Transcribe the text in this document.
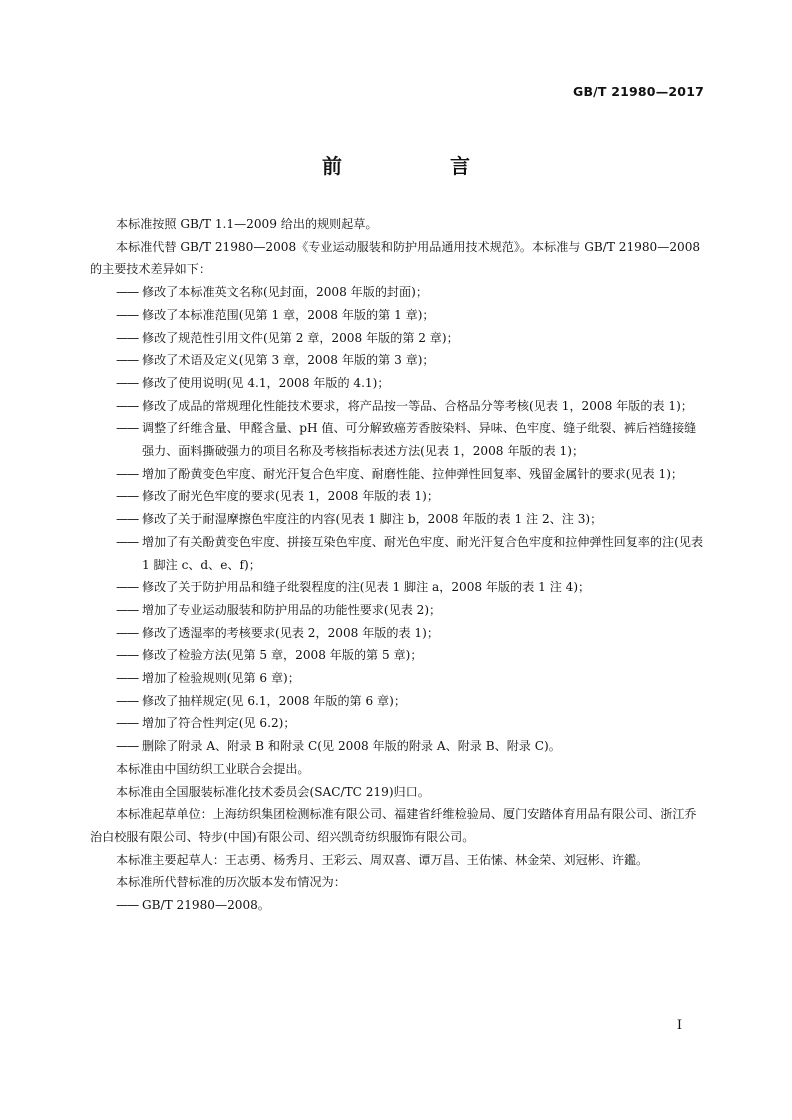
GB/T 21980—2017
前　言

本标准按照 GB/T 1.1—2009 给出的规则起草。

本标准代替 GB/T 21980—2008《专业运动服装和防护用品通用技术规范》。本标准与 GB/T 21980—2008 的主要技术差异如下：

—— 修改了本标准英文名称(见封面，2008 年版的封面)；

—— 修改了本标准范围(见第 1 章，2008 年版的第 1 章)；

—— 修改了规范性引用文件(见第 2 章，2008 年版的第 2 章)；

—— 修改了术语及定义(见第 3 章，2008 年版的第 3 章)；

—— 修改了使用说明(见 4.1，2008 年版的 4.1)；

—— 修改了成品的常规理化性能技术要求，将产品按一等品、合格品分等考核(见表 1，2008 年版的表 1)；

—— 调整了纤维含量、甲醛含量、pH 值、可分解致癌芳香胺染料、异味、色牢度、缝子纰裂、裤后裆缝接缝强力、面料撕破强力的项目名称及考核指标表述方法(见表 1，2008 年版的表 1)；

—— 增加了酚黄变色牢度、耐光汗复合色牢度、耐磨性能、拉伸弹性回复率、残留金属针的要求(见表 1)；

—— 修改了耐光色牢度的要求(见表 1，2008 年版的表 1)；

—— 修改了关于耐湿摩擦色牢度注的内容(见表 1 脚注 b，2008 年版的表 1 注 2、注 3)；

—— 增加了有关酚黄变色牢度、拼接互染色牢度、耐光色牢度、耐光汗复合色牢度和拉伸弹性回复率的注(见表 1 脚注 c、d、e、f)；

—— 修改了关于防护用品和缝子纰裂程度的注(见表 1 脚注 a，2008 年版的表 1 注 4)；

—— 增加了专业运动服装和防护用品的功能性要求(见表 2)；

—— 修改了透湿率的考核要求(见表 2，2008 年版的表 1)；

—— 修改了检验方法(见第 5 章，2008 年版的第 5 章)；

—— 增加了检验规则(见第 6 章)；

—— 修改了抽样规定(见 6.1，2008 年版的第 6 章)；

—— 增加了符合性判定(见 6.2)；

—— 删除了附录 A、附录 B 和附录 C(见 2008 年版的附录 A、附录 B、附录 C)。

本标准由中国纺织工业联合会提出。

本标准由全国服装标准化技术委员会(SAC/TC 219)归口。

本标准起草单位：上海纺织集团检测标准有限公司、福建省纤维检验局、厦门安踏体育用品有限公司、浙江乔治白校服有限公司、特步(中国)有限公司、绍兴凯奇纺织服饰有限公司。

本标准主要起草人：王志勇、杨秀月、王彩云、周双喜、谭万昌、王佑愫、林金荣、刘冠彬、许鑑。

本标准所代替标准的历次版本发布情况为：

—— GB/T 21980—2008。

I
